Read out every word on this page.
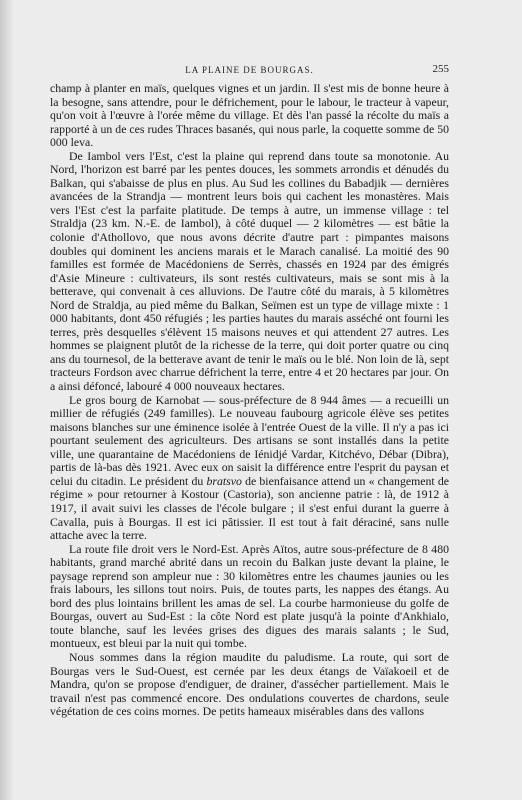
LA PLAINE DE BOURGAS.	255

champ à planter en maïs, quelques vignes et un jardin. Il s'est mis de bonne heure à la besogne, sans attendre, pour le défrichement, pour le labour, le tracteur à vapeur, qu'on voit à l'œuvre à l'orée même du village. Et dès l'an passé la récolte du maïs a rapporté à un de ces rudes Thraces basanés, qui nous parle, la coquette somme de 50 000 leva.

De Iambol vers l'Est, c'est la plaine qui reprend dans toute sa monotonie. Au Nord, l'horizon est barré par les pentes douces, les sommets arrondis et dénudés du Balkan, qui s'abaisse de plus en plus. Au Sud les collines du Babadjik — dernières avancées de la Strandja — montrent leurs bois qui cachent les monastères. Mais vers l'Est c'est la parfaite platitude. De temps à autre, un immense village : tel Straldja (23 km. N.-E. de Iambol), à côté duquel — 2 kilomètres — est bâtie la colonie d'Athollovo, que nous avons décrite d'autre part : pimpantes maisons doubles qui dominent les anciens marais et le Marach canalisé. La moitié des 90 familles est formée de Macédoniens de Serrès, chassés en 1924 par des émigrés d'Asie Mineure : cultivateurs, ils sont restés cultivateurs, mais se sont mis à la betterave, qui convenait à ces alluvions. De l'autre côté du marais, à 5 kilomètres Nord de Straldja, au pied même du Balkan, Seïmen est un type de village mixte : 1 000 habitants, dont 450 réfugiés ; les parties hautes du marais asséché ont fourni les terres, près desquelles s'élèvent 15 maisons neuves et qui attendent 27 autres. Les hommes se plaignent plutôt de la richesse de la terre, qui doit porter quatre ou cinq ans du tournesol, de la betterave avant de tenir le maïs ou le blé. Non loin de là, sept tracteurs Fordson avec charrue défrichent la terre, entre 4 et 20 hectares par jour. On a ainsi défoncé, labouré 4 000 nouveaux hectares.

Le gros bourg de Karnobat — sous-préfecture de 8 944 âmes — a recueilli un millier de réfugiés (249 familles). Le nouveau faubourg agricole élève ses petites maisons blanches sur une éminence isolée à l'entrée Ouest de la ville. Il n'y a pas ici pourtant seulement des agriculteurs. Des artisans se sont installés dans la petite ville, une quarantaine de Macédoniens de Iénidjé Vardar, Kitchévo, Débar (Dibra), partis de là-bas dès 1921. Avec eux on saisit la différence entre l'esprit du paysan et celui du citadin. Le président du bratsvo de bienfaisance attend un « changement de régime » pour retourner à Kostour (Castoria), son ancienne patrie : là, de 1912 à 1917, il avait suivi les classes de l'école bulgare ; il s'est enfui durant la guerre à Cavalla, puis à Bourgas. Il est ici pâtissier. Il est tout à fait déraciné, sans nulle attache avec la terre.

La route file droit vers le Nord-Est. Après Aïtos, autre sous-préfecture de 8 480 habitants, grand marché abrité dans un recoin du Balkan juste devant la plaine, le paysage reprend son ampleur nue : 30 kilomètres entre les chaumes jaunies ou les frais labours, les sillons tout noirs. Puis, de toutes parts, les nappes des étangs. Au bord des plus lointains brillent les amas de sel. La courbe harmonieuse du golfe de Bourgas, ouvert au Sud-Est : la côte Nord est plate jusqu'à la pointe d'Ankhialo, toute blanche, sauf les levées grises des digues des marais salants ; le Sud, montueux, est bleui par la nuit qui tombe.

Nous sommes dans la région maudite du paludisme. La route, qui sort de Bourgas vers le Sud-Ouest, est cernée par les deux étangs de Vaïakoeil et de Mandra, qu'on se propose d'endiguer, de drainer, d'assécher partiellement. Mais le travail n'est pas commencé encore. Des ondulations couvertes de chardons, seule végétation de ces coins mornes. De petits hameaux misérables dans des vallons
